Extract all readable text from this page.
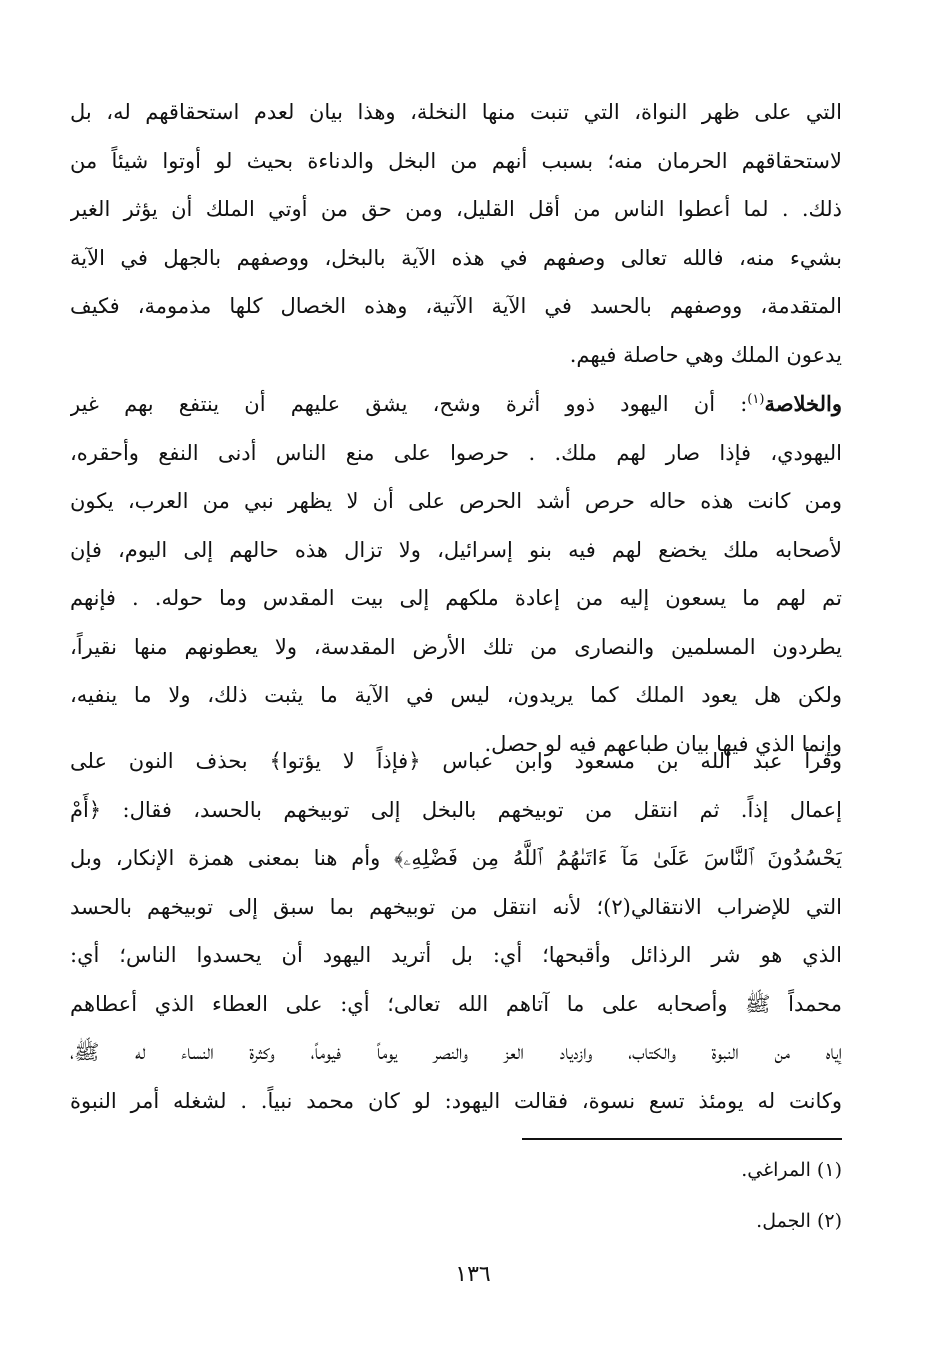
التي على ظهر النواة، التي تنبت منها النخلة، وهذا بيان لعدم استحقاقهم له، بل
لاستحقاقهم الحرمان منه؛ بسبب أنهم من البخل والدناءة بحيث لو أوتوا شيئاً من
ذلك. . لما أعطوا الناس من أقل القليل، ومن حق من أوتي الملك أن يؤثر الغير
بشيء منه، فالله تعالى وصفهم في هذه الآية بالبخل، ووصفهم بالجهل في الآية
المتقدمة، ووصفهم بالحسد في الآية الآتية، وهذه الخصال كلها مذمومة، فكيف
يدعون الملك وهي حاصلة فيهم.
والخلاصة$^{(١)}$: أن اليهود ذوو أثرة وشح، يشق عليهم أن ينتفع بهم غير
اليهودي، فإذا صار لهم ملك. . حرصوا على منع الناس أدنى النفع وأحقره،
ومن كانت هذه حاله حرص أشد الحرص على أن لا يظهر نبي من العرب، يكون
لأصحابه ملك يخضع لهم فيه بنو إسرائيل، ولا تزال هذه حالهم إلى اليوم، فإن
تم لهم ما يسعون إليه من إعادة ملكهم إلى بيت المقدس وما حوله. . فإنهم
يطردون المسلمين والنصارى من تلك الأرض المقدسة، ولا يعطونهم منها نقيراً،
ولكن هل يعود الملك كما يريدون، ليس في الآية ما يثبت ذلك، ولا ما ينفيه،
وإنما الذي فيها بيان طباعهم فيه لو حصل.
وقرأ عبد الله بن مسعود وابن عباس ﴿فإذاً لا يؤتوا﴾ بحذف النون على
إعمال إذاً. ثم انتقل من توبيخهم بالبخل إلى توبيخهم بالحسد، فقال: ﴿أَمْ
يَحْسُدُونَ ٱلنَّاسَ عَلَىٰ مَآ ءَاتَىٰهُمُ ٱللَّهُ مِن فَضْلِهِۦ﴾ وأم هنا بمعنى همزة الإنكار، وبل
التي للإضراب الانتقالي(٢)؛ لأنه انتقل من توبيخهم بما سبق إلى توبيخهم بالحسد
الذي هو شر الرذائل وأقبحها؛ أي: بل أتريد اليهود أن يحسدوا الناس؛ أي:
محمداً ﷺ وأصحابه على ما آتاهم الله تعالى؛ أي: على العطاء الذي أعطاهم
إياه من النبوة والكتاب، وازدياد العز والنصر يوماً فيوماً، وكثرة النساء له ﷺ،
وكانت له يومئذ تسع نسوة، فقالت اليهود: لو كان محمد نبياً. . لشغله أمر النبوة
(١) المراغي.
(٢) الجمل.
١٣٦
